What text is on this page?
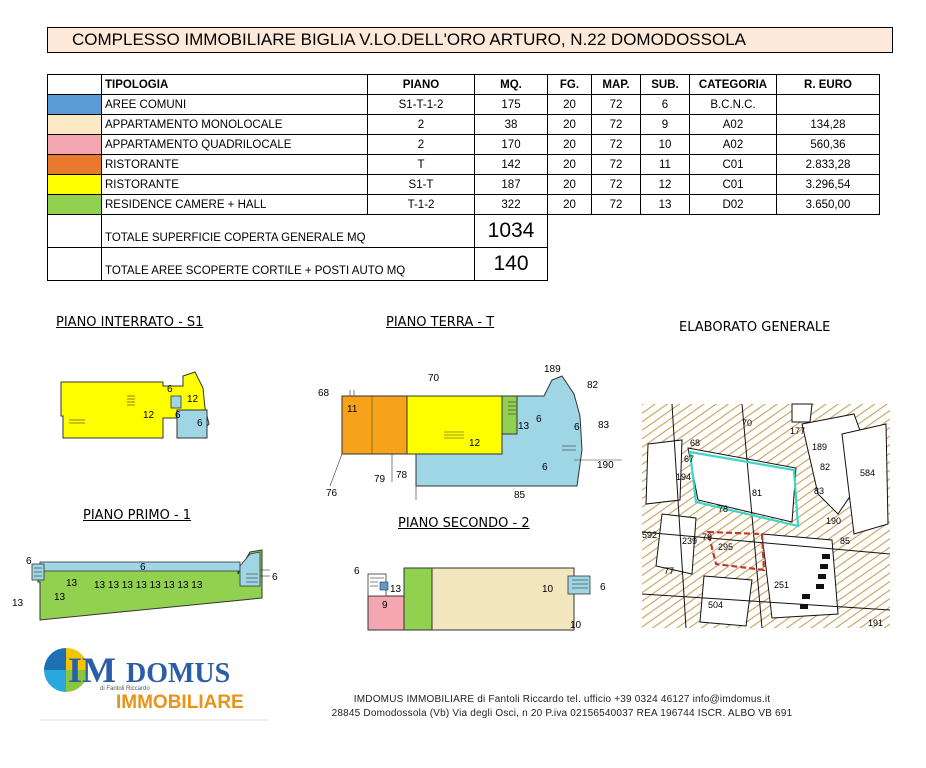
COMPLESSO IMMOBILIARE BIGLIA V.LO.DELL'ORO ARTURO, N.22 DOMODOSSOLA
	TIPOLOGIA	PIANO	MQ.	FG.	MAP.	SUB.	CATEGORIA	R. EURO
	AREE COMUNI	S1-T-1-2	175	20	72	6	B.C.N.C.	
	APPARTAMENTO MONOLOCALE	2	38	20	72	9	A02	134,28
	APPARTAMENTO QUADRILOCALE	2	170	20	72	10	A02	560,36
	RISTORANTE	T	142	20	72	11	C01	2.833,28
	RISTORANTE	S1-T	187	20	72	12	C01	3.296,54
	RESIDENCE CAMERE + HALL	T-1-2	322	20	72	13	D02	3.650,00
	TOTALE SUPERFICIE COPERTA GENERALE MQ		1034					
	TOTALE AREE SCOPERTE CORTILE + POSTI AUTO MQ		140					
PIANO INTERRATO - S1	PIANO TERRA - T	ELABORATO GENERALE
PIANO PRIMO - 1
PIANO SECONDO - 2
6
12
12
6
6
70
68
189
82
83
190
85
76
79 78
11
12
13
6
6
6
6
6
6
13
13 13 13 13 13 13 13 13 13
13
6
13
9
10	6
10
70
68
67
177
189
82
81	83
78
190
85
584
592
239 79
295
77
251
504
191
194
IM DOMUS
di Fantoli Riccardo
IMMOBILIARE	IMDOMUS IMMOBILIARE di Fantoli Riccardo tel. ufficio +39 0324 46127 info@imdomus.it
28845 Domodossola (Vb) Via degli Osci, n 20 P.iva 02156540037 REA 196744 ISCR. ALBO VB 691
